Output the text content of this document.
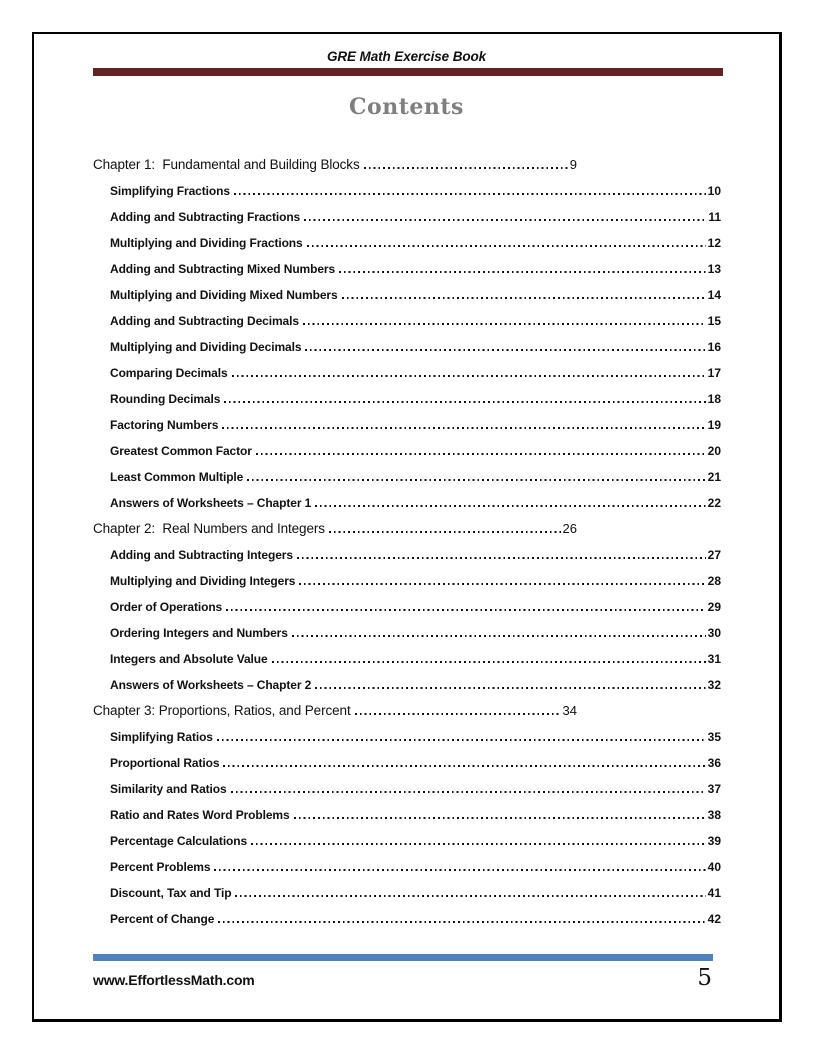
GRE Math Exercise Book
Contents
Chapter 1:  Fundamental and Building Blocks	9
Simplifying Fractions	10
Adding and Subtracting Fractions	11
Multiplying and Dividing Fractions	12
Adding and Subtracting Mixed Numbers	13
Multiplying and Dividing Mixed Numbers	14
Adding and Subtracting Decimals	15
Multiplying and Dividing Decimals	16
Comparing Decimals	17
Rounding Decimals	18
Factoring Numbers	19
Greatest Common Factor	20
Least Common Multiple	21
Answers of Worksheets – Chapter 1	22
Chapter 2:  Real Numbers and Integers	26
Adding and Subtracting Integers	27
Multiplying and Dividing Integers	28
Order of Operations	29
Ordering Integers and Numbers	30
Integers and Absolute Value	31
Answers of Worksheets – Chapter 2	32
Chapter 3: Proportions, Ratios, and Percent	34
Simplifying Ratios	35
Proportional Ratios	36
Similarity and Ratios	37
Ratio and Rates Word Problems	38
Percentage Calculations	39
Percent Problems	40
Discount, Tax and Tip	41
Percent of Change	42
www.EffortlessMath.com	5
